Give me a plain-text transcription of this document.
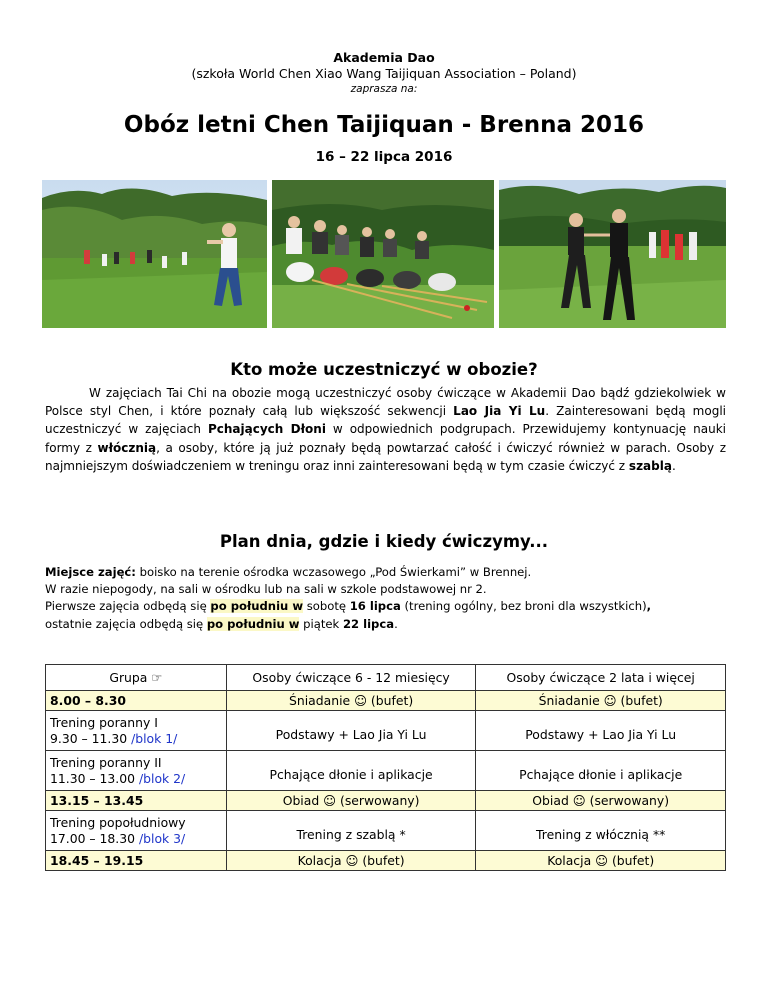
Akademia Dao
(szkoła World Chen Xiao Wang Taijiquan Association – Poland)
zaprasza na:
Obóz letni Chen Taijiquan - Brenna 2016
16 – 22 lipca 2016
Kto może uczestniczyć w obozie?
W zajęciach Tai Chi na obozie mogą uczestniczyć osoby ćwiczące w Akademii Dao bądź gdziekolwiek w Polsce styl Chen, i które poznały całą lub większość sekwencji Lao Jia Yi Lu. Zainteresowani będą mogli uczestniczyć w zajęciach Pchających Dłoni w odpowiednich podgrupach. Przewidujemy kontynuację nauki formy z włócznią, a osoby, które ją już poznały będą powtarzać całość i ćwiczyć również w parach. Osoby z najmniejszym doświadczeniem w treningu oraz inni zainteresowani będą w tym czasie ćwiczyć z szablą.
Plan dnia, gdzie i kiedy ćwiczymy...
Miejsce zajęć: boisko na terenie ośrodka wczasowego „Pod Świerkami” w Brennej.
W razie niepogody, na sali w ośrodku lub na sali w szkole podstawowej nr 2.
Pierwsze zajęcia odbędą się po południu w sobotę 16 lipca (trening ogólny, bez broni dla wszystkich),
ostatnie zajęcia odbędą się po południu w piątek 22 lipca.
Grupa ☞	Osoby ćwiczące 6 - 12 miesięcy	Osoby ćwiczące 2 lata i więcej
8.00 – 8.30	Śniadanie ☺ (bufet)	Śniadanie ☺ (bufet)

Trening poranny I
9.30 – 11.30 /blok 1/	Podstawy + Lao Jia Yi Lu	Podstawy + Lao Jia Yi Lu

Trening poranny II
11.30 – 13.00 /blok 2/	Pchające dłonie i aplikacje	Pchające dłonie i aplikacje
13.15 – 13.45	Obiad ☺ (serwowany)	Obiad ☺ (serwowany)

Trening popołudniowy
17.00 – 18.30 /blok 3/	Trening z szablą *	Trening z włócznią **
18.45 – 19.15	Kolacja ☺ (bufet)	Kolacja ☺ (bufet)
